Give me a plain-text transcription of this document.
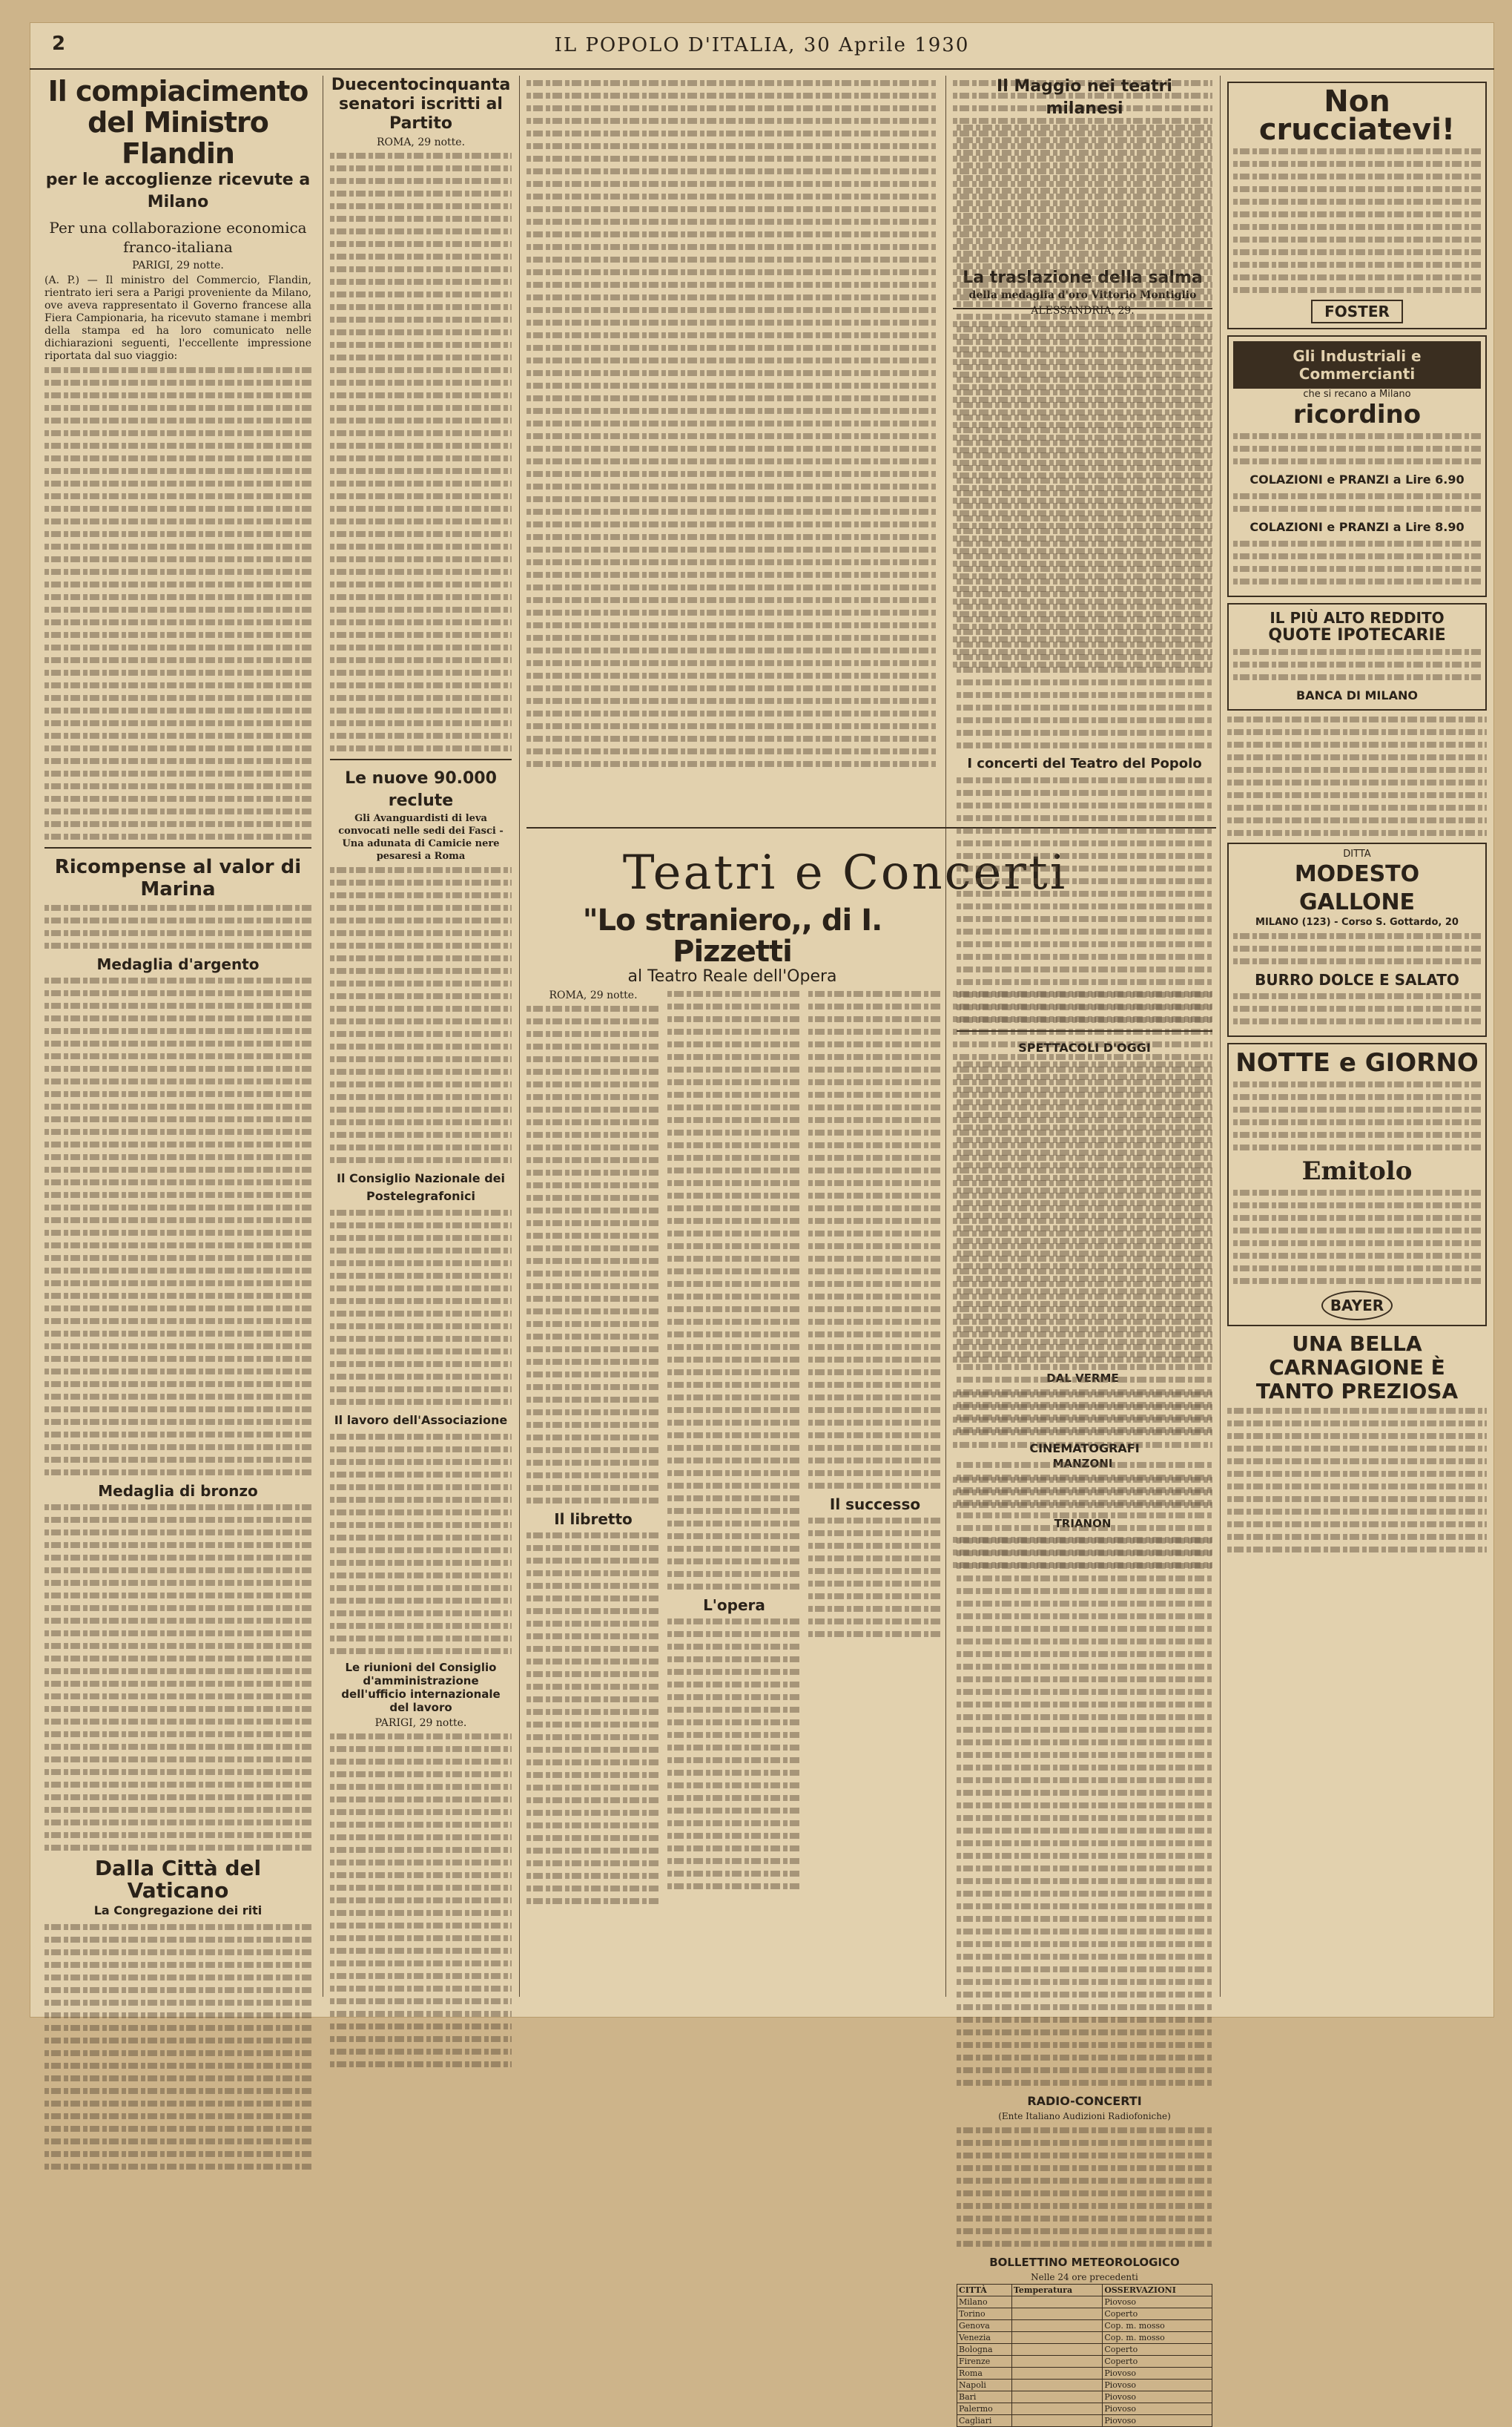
2	IL POPOLO D'ITALIA, 30 Aprile 1930
Il compiacimento del Ministro Flandin
per le accoglienze ricevute a Milano
Per una collaborazione economica franco-italiana
PARIGI, 29 notte.
(A. P.) — Il ministro del Commercio, Flandin, rientrato ieri sera a Parigi proveniente da Milano, ove aveva rappresentato il Governo francese alla Fiera Campionaria, ha ricevuto stamane i membri della stampa ed ha loro comunicato nelle dichiarazioni seguenti, l'eccellente impressione riportata dal suo viaggio:
Ricompense al valor di Marina
Medaglia d'argento
Medaglia di bronzo
Dalla Città del Vaticano
La Congregazione dei riti
Duecentocinquanta senatori iscritti al Partito
ROMA, 29 notte.
Le nuove 90.000 reclute
Gli Avanguardisti di leva convocati nelle sedi dei Fasci - Una adunata di Camicie nere pesaresi a Roma
Il Consiglio Nazionale dei Postelegrafonici
Il lavoro dell'Associazione
Le riunioni del Consiglio d'amministrazione dell'ufficio internazionale del lavoro
PARIGI, 29 notte.
La traslazione della salma
della medaglia d'oro Vittorio Montiglio
ALESSANDRIA, 29.
Teatri e Concerti
"Lo straniero,, di I. Pizzetti
al Teatro Reale dell'Opera
ROMA, 29 notte.
Il libretto
L'opera
Il successo
DAL VERME
MANZONI
TRIANON
Non crucciatevi!
FOSTER
Gli Industriali e Commercianti
che si recano a Milano
ricordino
COLAZIONI e PRANZI a Lire 6.90
COLAZIONI e PRANZI a Lire 8.90
IL PIÙ ALTO REDDITO
QUOTE IPOTECARIE
BANCA DI MILANO
DITTA
MODESTO GALLONE
MILANO (123) - Corso S. Gottardo, 20
BURRO DOLCE E SALATO
NOTTE e GIORNO
Emitolo
BAYER
UNA BELLA CARNAGIONE È TANTO PREZIOSA
Il Maggio nei teatri milanesi
I concerti del Teatro del Popolo
SPETTACOLI D'OGGI
CINEMATOGRAFI
RADIO-CONCERTI
(Ente Italiano Audizioni Radiofoniche)
BOLLETTINO METEOROLOGICO
Nelle 24 ore precedenti
CITTÀ	Temperatura	OSSERVAZIONI
Milano		Piovoso
Torino		Coperto
Genova		Cop. m. mosso
Venezia		Cop. m. mosso
Bologna		Coperto
Firenze		Coperto
Roma		Piovoso
Napoli		Piovoso
Bari		Piovoso
Palermo		Piovoso
Cagliari		Piovoso
